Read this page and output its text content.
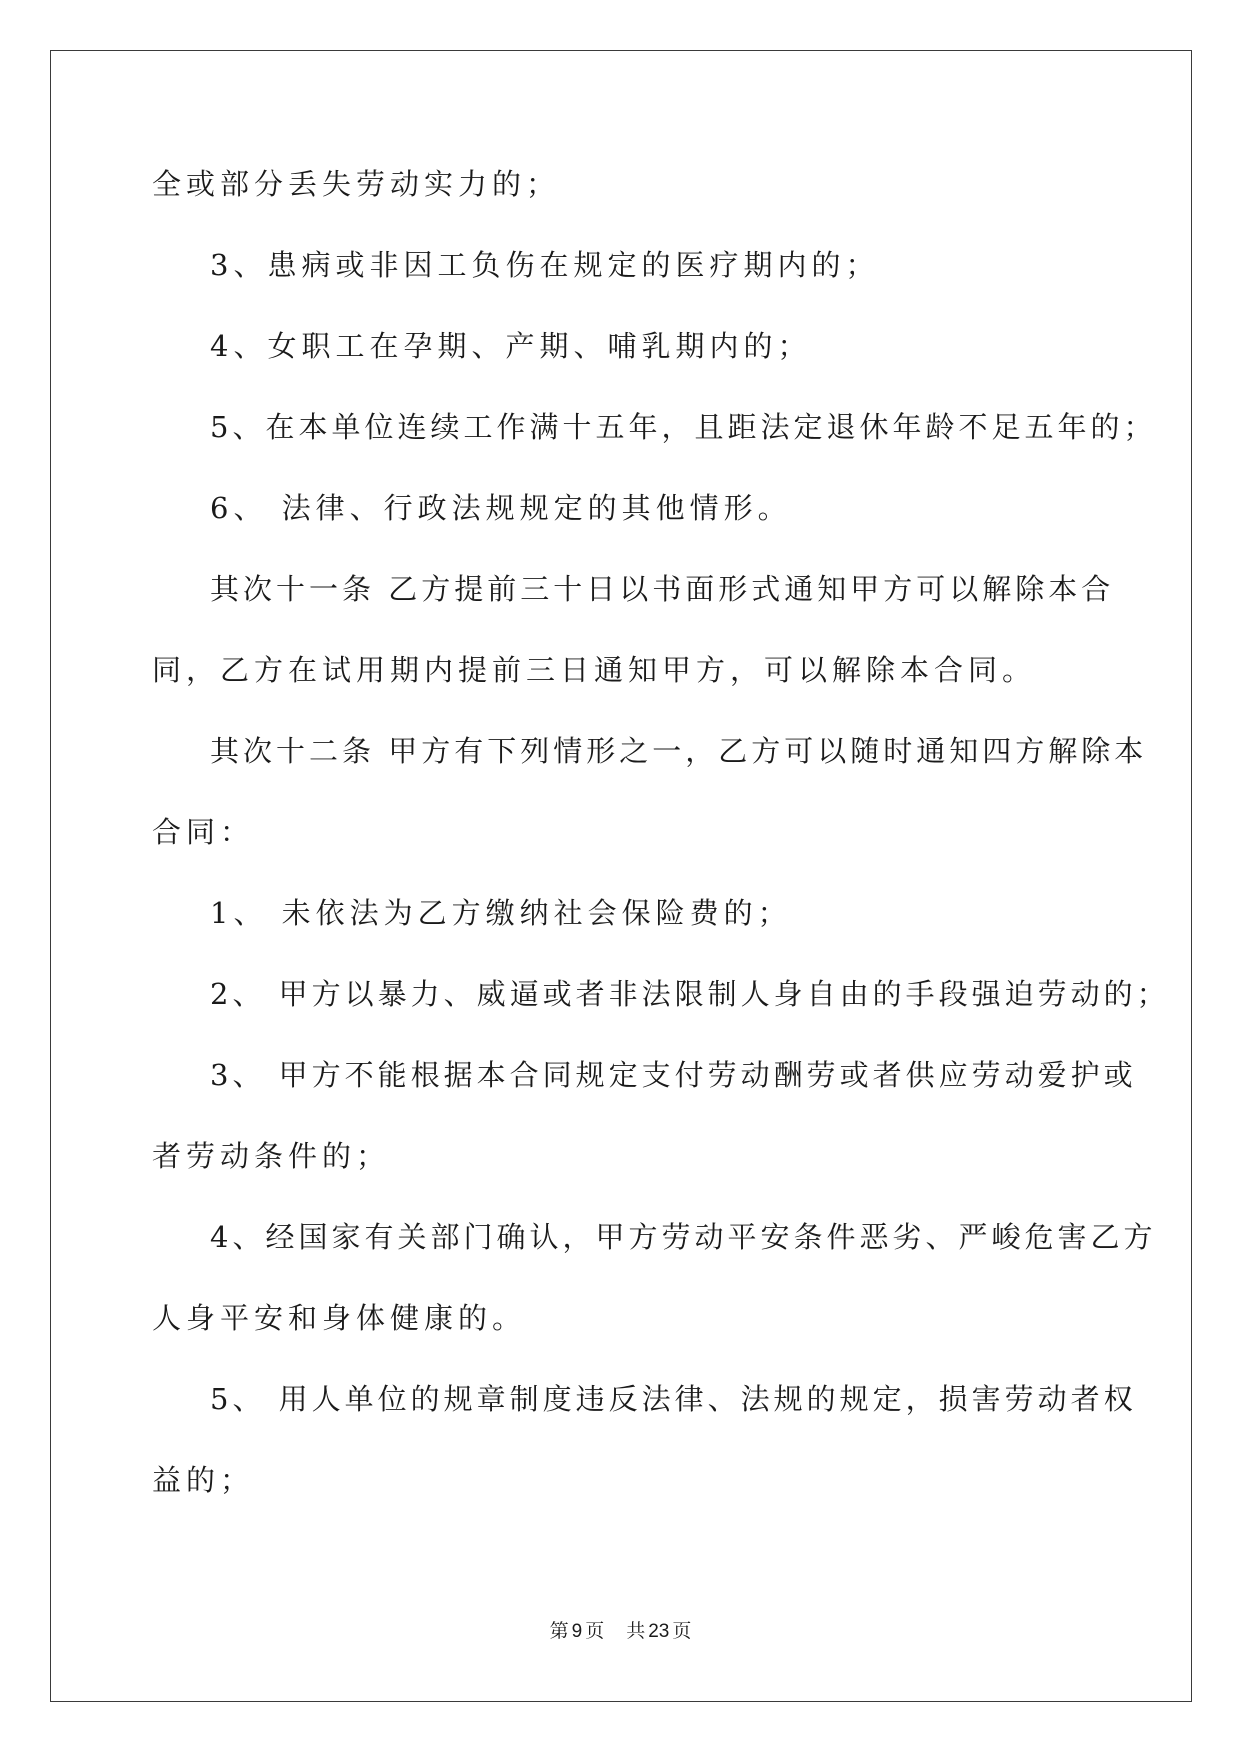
全或部分丢失劳动实力的；
3、患病或非因工负伤在规定的医疗期内的；
4、女职工在孕期、产期、哺乳期内的；
5、在本单位连续工作满十五年，且距法定退休年龄不足五年的；
6、 法律、行政法规规定的其他情形。
其次十一条 乙方提前三十日以书面形式通知甲方可以解除本合
同，乙方在试用期内提前三日通知甲方，可以解除本合同。
其次十二条 甲方有下列情形之一，乙方可以随时通知四方解除本
合同：
1、 未依法为乙方缴纳社会保险费的；
2、 甲方以暴力、威逼或者非法限制人身自由的手段强迫劳动的；
3、 甲方不能根据本合同规定支付劳动酬劳或者供应劳动爱护或
者劳动条件的；
4、经国家有关部门确认，甲方劳动平安条件恶劣、严峻危害乙方
人身平安和身体健康的。
5、 用人单位的规章制度违反法律、法规的规定，损害劳动者权
益的；
第 9 页 共 23 页
